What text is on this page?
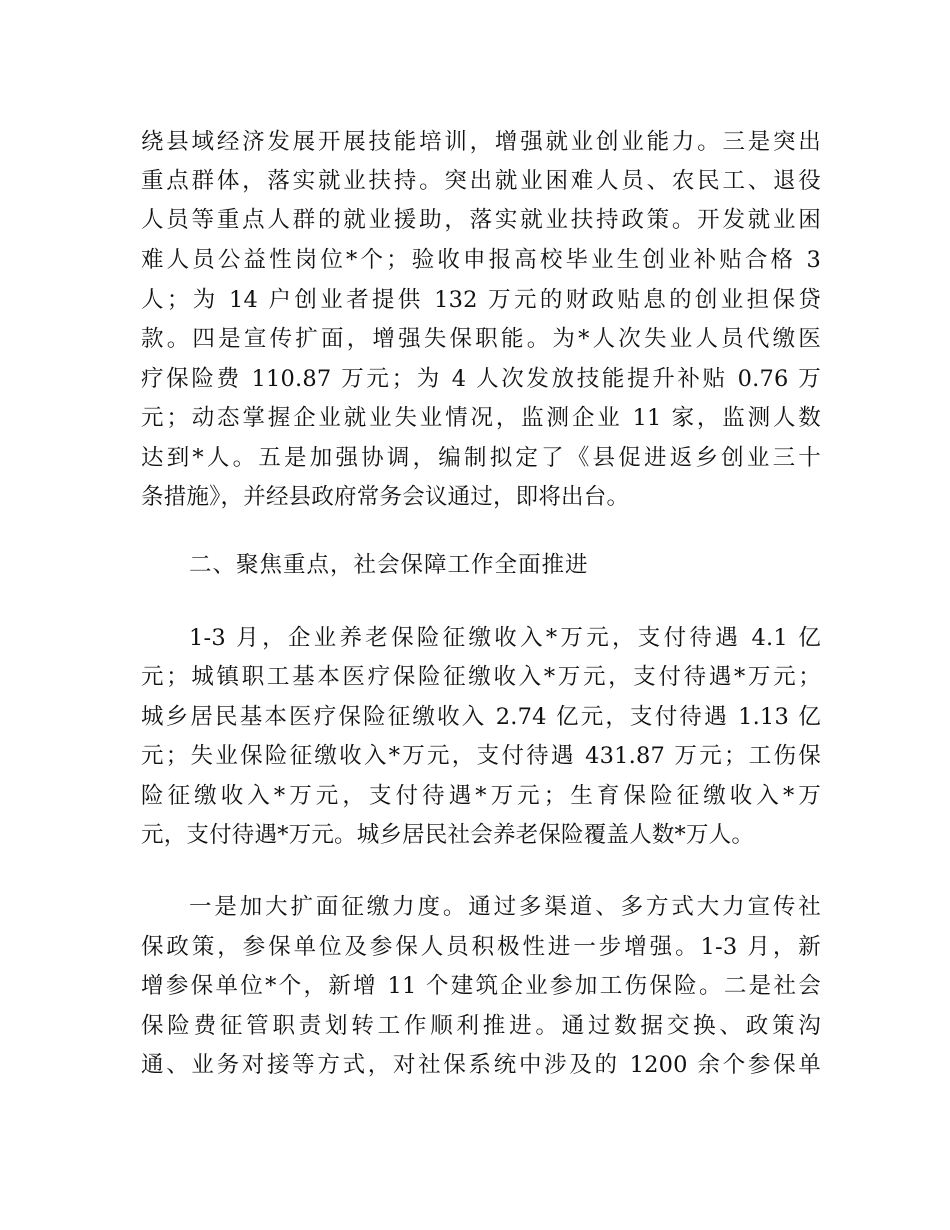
绕县域经济发展开展技能培训，增强就业创业能力。三是突出
重点群体，落实就业扶持。突出就业困难人员、农民工、退役
人员等重点人群的就业援助，落实就业扶持政策。开发就业困
难人员公益性岗位*个；验收申报高校毕业生创业补贴合格 3
人；为 14 户创业者提供 132 万元的财政贴息的创业担保贷
款。四是宣传扩面，增强失保职能。为*人次失业人员代缴医
疗保险费 110.87 万元；为 4 人次发放技能提升补贴 0.76 万
元；动态掌握企业就业失业情况，监测企业 11 家，监测人数
达到*人。五是加强协调，编制拟定了《县促进返乡创业三十
条措施》，并经县政府常务会议通过，即将出台。
二、聚焦重点，社会保障工作全面推进
1-3 月，企业养老保险征缴收入*万元，支付待遇 4.1 亿
元；城镇职工基本医疗保险征缴收入*万元，支付待遇*万元；
城乡居民基本医疗保险征缴收入 2.74 亿元，支付待遇 1.13 亿
元；失业保险征缴收入*万元，支付待遇 431.87 万元；工伤保
险征缴收入*万元，支付待遇*万元；生育保险征缴收入*万
元，支付待遇*万元。城乡居民社会养老保险覆盖人数*万人。
一是加大扩面征缴力度。通过多渠道、多方式大力宣传社
保政策，参保单位及参保人员积极性进一步增强。1-3 月，新
增参保单位*个，新增 11 个建筑企业参加工伤保险。二是社会
保险费征管职责划转工作顺利推进。通过数据交换、政策沟
通、业务对接等方式，对社保系统中涉及的 1200 余个参保单
